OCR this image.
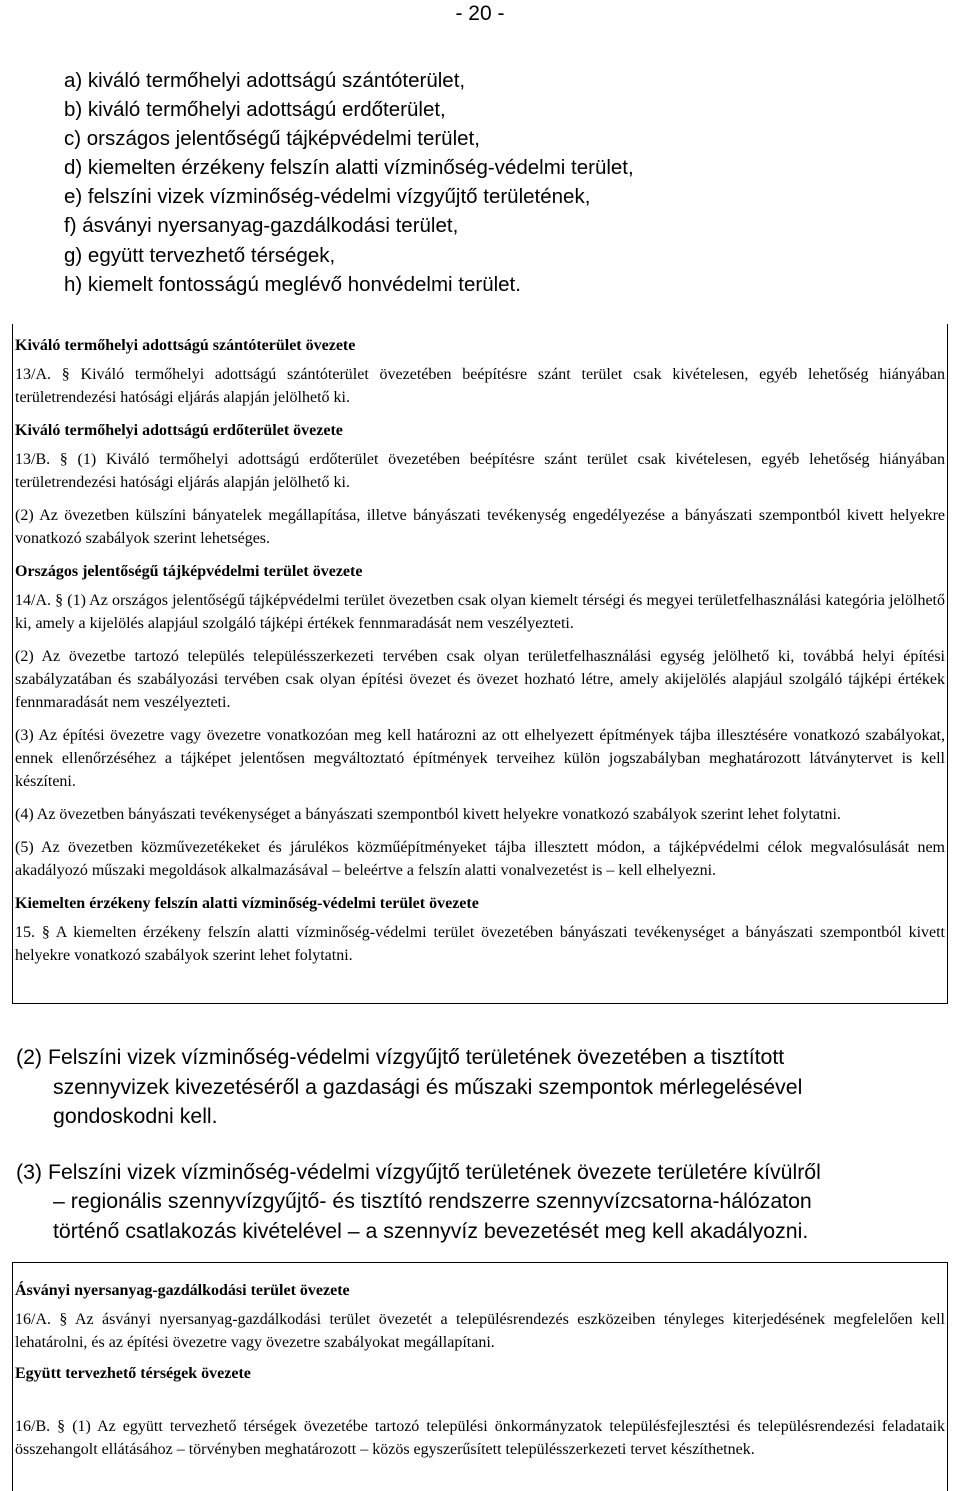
- 20 -
a) kiváló termőhelyi adottságú szántóterület,
b) kiváló termőhelyi adottságú erdőterület,
c) országos jelentőségű tájképvédelmi terület,
d) kiemelten érzékeny felszín alatti vízminőség-védelmi terület,
e) felszíni vizek vízminőség-védelmi vízgyűjtő területének,
f) ásványi nyersanyag-gazdálkodási terület,
g) együtt tervezhető térségek,
h) kiemelt fontosságú meglévő honvédelmi terület.
Kiváló termőhelyi adottságú szántóterület övezete
13/A. § Kiváló termőhelyi adottságú szántóterület övezetében beépítésre szánt terület csak kivételesen, egyéb lehetőség hiányában területrendezési hatósági eljárás alapján jelölhető ki.
Kiváló termőhelyi adottságú erdőterület övezete
13/B. § (1) Kiváló termőhelyi adottságú erdőterület övezetében beépítésre szánt terület csak kivételesen, egyéb lehetőség hiányában területrendezési hatósági eljárás alapján jelölhető ki.
(2) Az övezetben külszíni bányatelek megállapítása, illetve bányászati tevékenység engedélyezése a bányászati szempontból kivett helyekre vonatkozó szabályok szerint lehetséges.
Országos jelentőségű tájképvédelmi terület övezete
14/A. § (1) Az országos jelentőségű tájképvédelmi terület övezetben csak olyan kiemelt térségi és megyei területfelhasználási kategória jelölhető ki, amely a kijelölés alapjául szolgáló tájképi értékek fennmaradását nem veszélyezteti.
(2) Az övezetbe tartozó település településszerkezeti tervében csak olyan területfelhasználási egység jelölhető ki, továbbá helyi építési szabályzatában és szabályozási tervében csak olyan építési övezet és övezet hozható létre, amely akijelölés alapjául szolgáló tájképi értékek fennmaradását nem veszélyezteti.
(3) Az építési övezetre vagy övezetre vonatkozóan meg kell határozni az ott elhelyezett építmények tájba illesztésére vonatkozó szabályokat, ennek ellenőrzéséhez a tájképet jelentősen megváltoztató építmények terveihez külön jogszabályban meghatározott látványtervet is kell készíteni.
(4) Az övezetben bányászati tevékenységet a bányászati szempontból kivett helyekre vonatkozó szabályok szerint lehet folytatni.
(5) Az övezetben közművezetékeket és járulékos közműépítményeket tájba illesztett módon, a tájképvédelmi célok megvalósulását nem akadályozó műszaki megoldások alkalmazásával – beleértve a felszín alatti vonalvezetést is – kell elhelyezni.
Kiemelten érzékeny felszín alatti vízminőség-védelmi terület övezete
15. § A kiemelten érzékeny felszín alatti vízminőség-védelmi terület övezetében bányászati tevékenységet a bányászati szempontból kivett helyekre vonatkozó szabályok szerint lehet folytatni.
(2) Felszíni vizek vízminőség-védelmi vízgyűjtő területének övezetében a tisztított
szennyvizek kivezetéséről a gazdasági és műszaki szempontok mérlegelésével
gondoskodni kell.
(3) Felszíni vizek vízminőség-védelmi vízgyűjtő területének övezete területére kívülről
– regionális szennyvízgyűjtő- és tisztító rendszerre szennyvízcsatorna-hálózaton
történő csatlakozás kivételével – a szennyvíz bevezetését meg kell akadályozni.
Ásványi nyersanyag-gazdálkodási terület övezete
16/A. § Az ásványi nyersanyag-gazdálkodási terület övezetét a településrendezés eszközeiben tényleges kiterjedésének megfelelően kell lehatárolni, és az építési övezetre vagy övezetre szabályokat megállapítani.
Együtt tervezhető térségek övezete
16/B. § (1) Az együtt tervezhető térségek övezetébe tartozó települési önkormányzatok településfejlesztési és településrendezési feladataik összehangolt ellátásához – törvényben meghatározott – közös egyszerűsített településszerkezeti tervet készíthetnek.
